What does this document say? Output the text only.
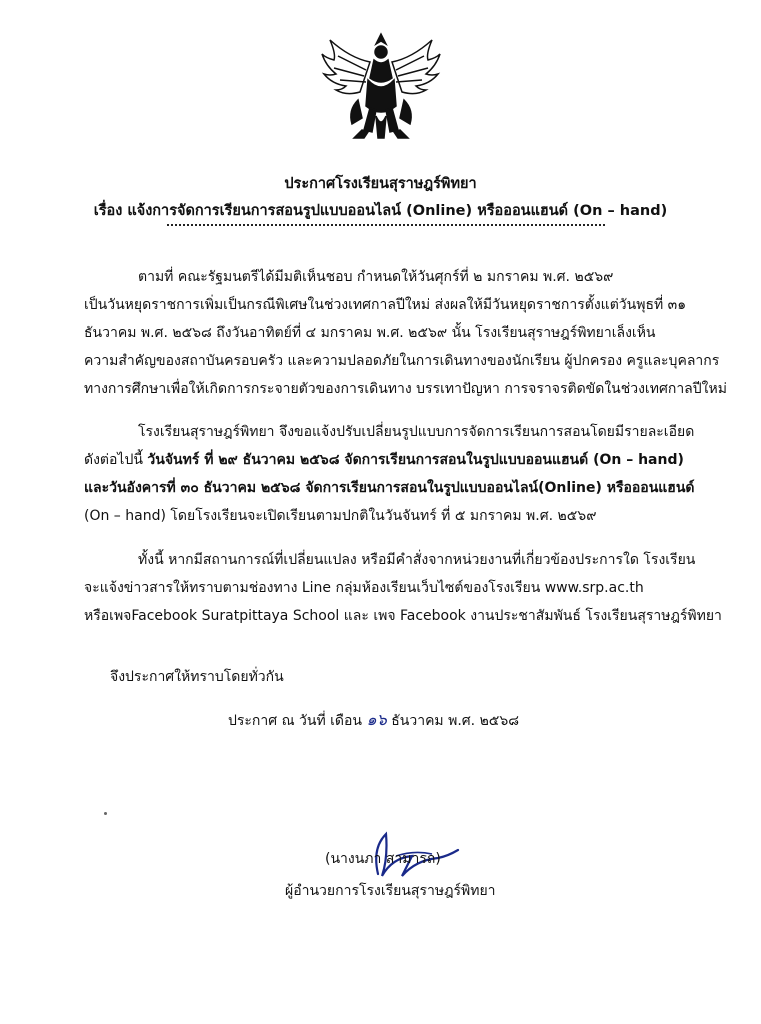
ประกาศโรงเรียนสุราษฎร์พิทยา
เรื่อง แจ้งการจัดการเรียนการสอนรูปแบบออนไลน์ (Online) หรือออนแฮนด์ (On – hand)
ตามที่ คณะรัฐมนตรีได้มีมติเห็นชอบ กำหนดให้วันศุกร์ที่ ๒ มกราคม พ.ศ. ๒๕๖๙
เป็นวันหยุดราชการเพิ่มเป็นกรณีพิเศษในช่วงเทศกาลปีใหม่ ส่งผลให้มีวันหยุดราชการตั้งแต่วันพุธที่ ๓๑
ธันวาคม พ.ศ. ๒๕๖๘ ถึงวันอาทิตย์ที่ ๔ มกราคม พ.ศ. ๒๕๖๙ นั้น โรงเรียนสุราษฎร์พิทยาเล็งเห็น
ความสำคัญของสถาบันครอบครัว และความปลอดภัยในการเดินทางของนักเรียน ผู้ปกครอง ครูและบุคลากร
ทางการศึกษาเพื่อให้เกิดการกระจายตัวของการเดินทาง บรรเทาปัญหา การจราจรติดขัดในช่วงเทศกาลปีใหม่
โรงเรียนสุราษฎร์พิทยา จึงขอแจ้งปรับเปลี่ยนรูปแบบการจัดการเรียนการสอนโดยมีรายละเอียด
ดังต่อไปนี้ วันจันทร์ ที่ ๒๙ ธันวาคม ๒๕๖๘ จัดการเรียนการสอนในรูปแบบออนแฮนด์ (On – hand)
และวันอังคารที่ ๓๐ ธันวาคม ๒๕๖๘ จัดการเรียนการสอนในรูปแบบออนไลน์(Online) หรือออนแฮนด์
(On – hand) โดยโรงเรียนจะเปิดเรียนตามปกติในวันจันทร์ ที่ ๕ มกราคม พ.ศ. ๒๕๖๙
ทั้งนี้ หากมีสถานการณ์ที่เปลี่ยนแปลง หรือมีคำสั่งจากหน่วยงานที่เกี่ยวข้องประการใด โรงเรียน
จะแจ้งข่าวสารให้ทราบตามช่องทาง Line กลุ่มห้องเรียนเว็บไซต์ของโรงเรียน www.srp.ac.th
หรือเพจFacebook Suratpittaya School และ เพจ Facebook งานประชาสัมพันธ์ โรงเรียนสุราษฎร์พิทยา
จึงประกาศให้ทราบโดยทั่วกัน
ประกาศ ณ วันที่ เดือน ๑๖ ธันวาคม พ.ศ. ๒๕๖๘
(นางนภา สามารถ)
ผู้อำนวยการโรงเรียนสุราษฎร์พิทยา
